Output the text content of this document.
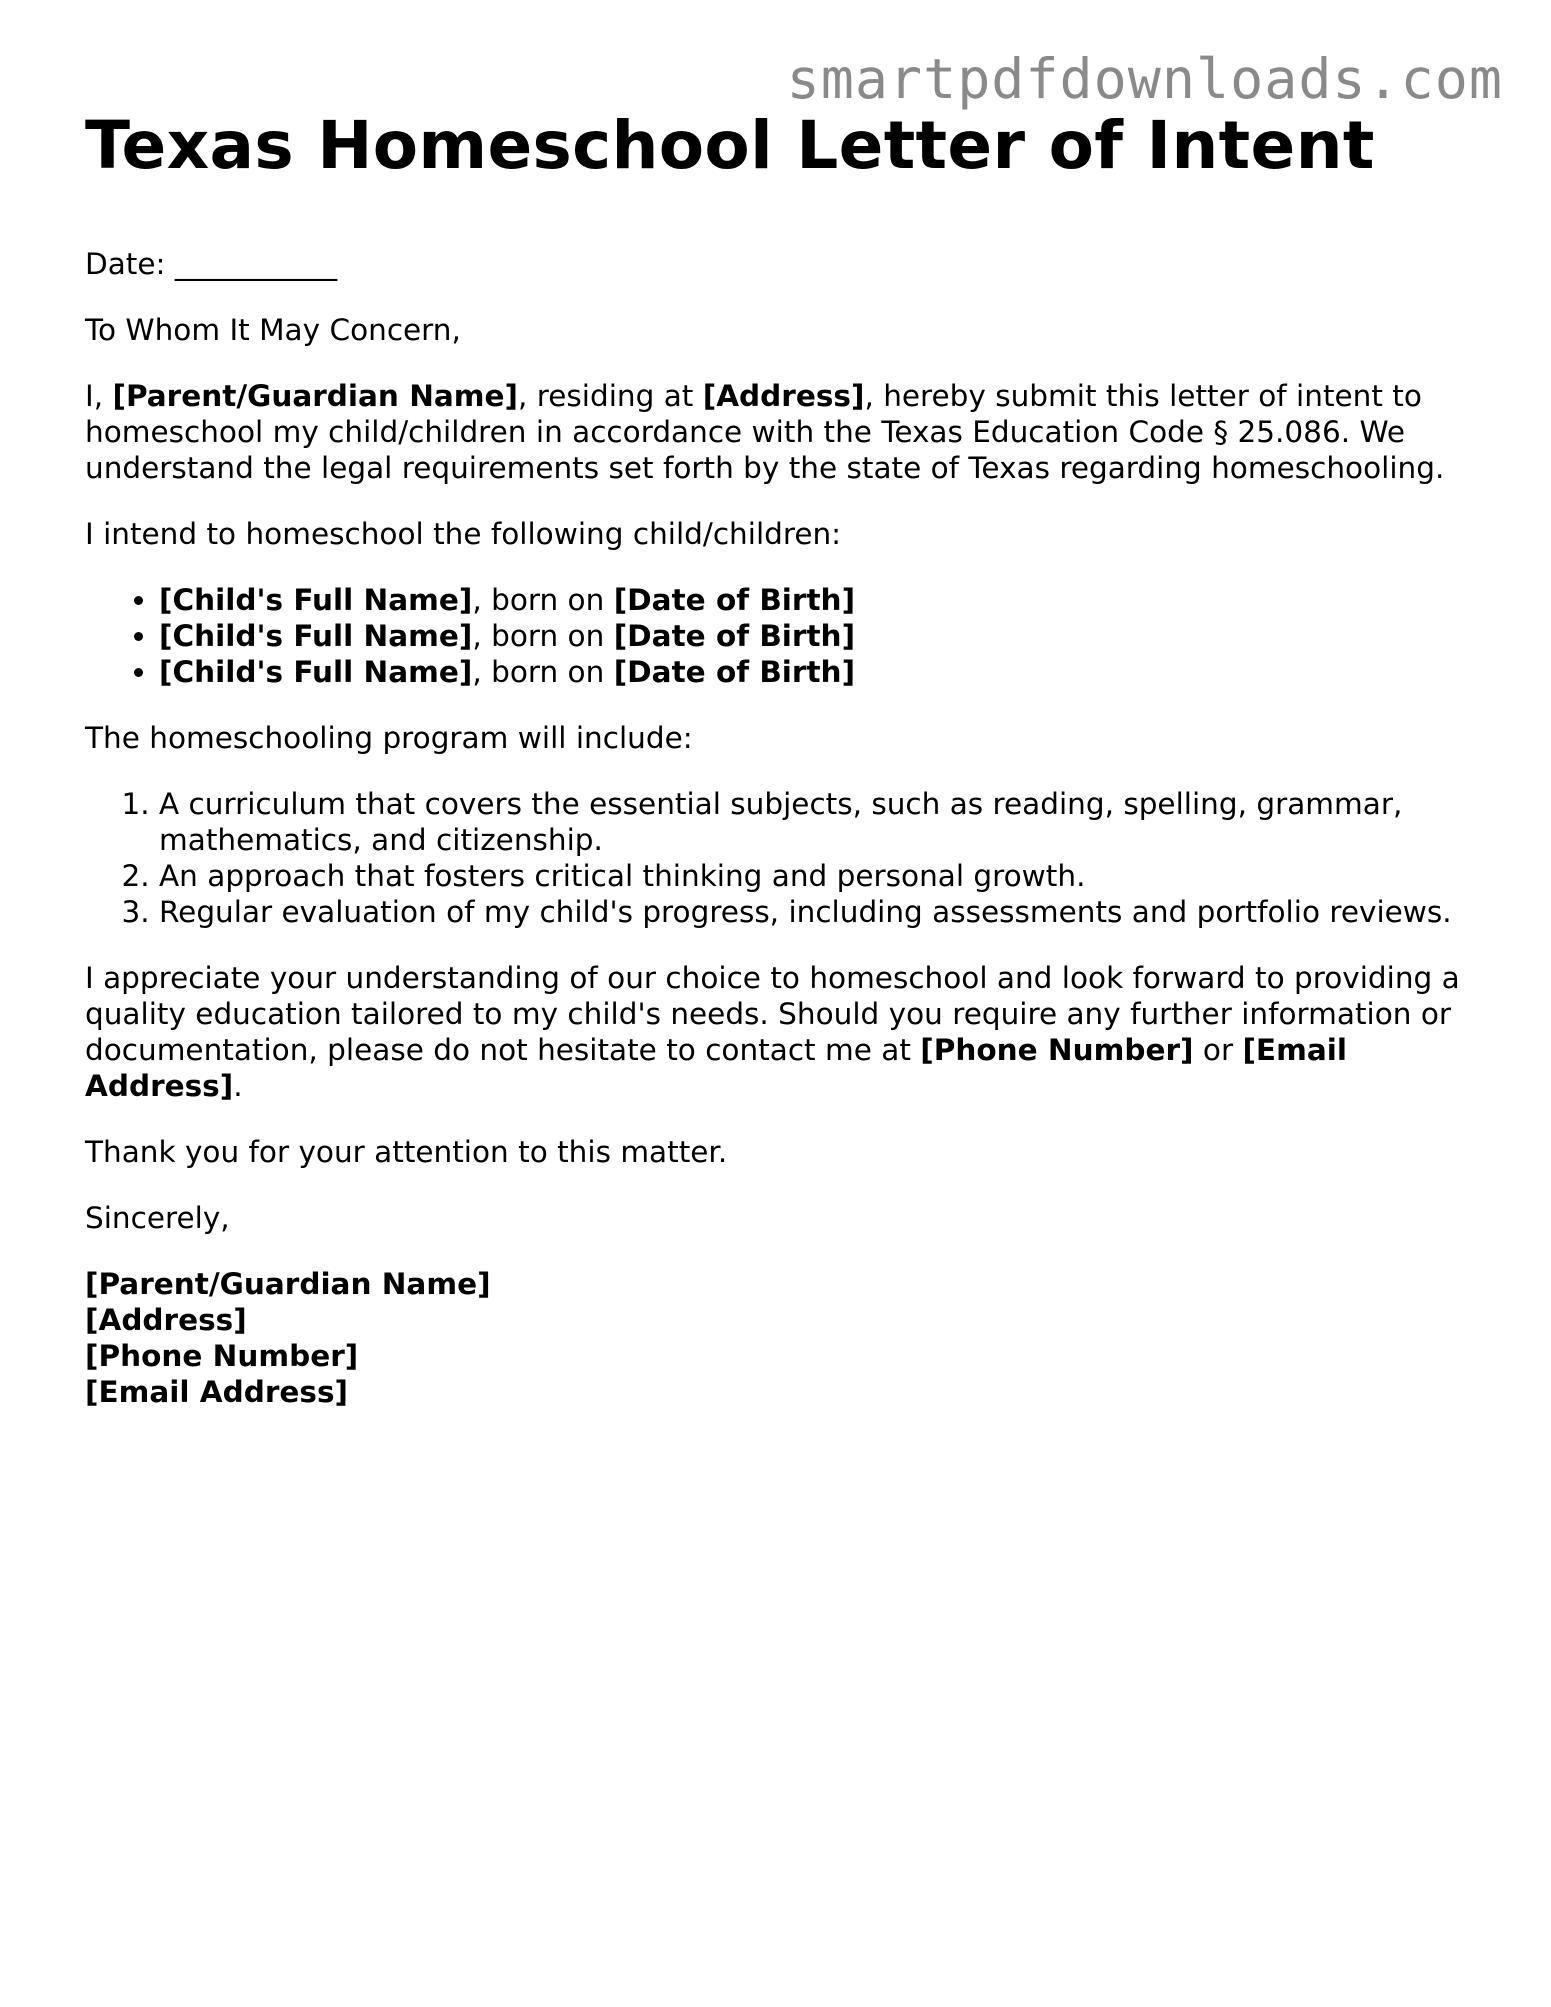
smartpdfdownloads.com
Texas Homeschool Letter of Intent

Date: ___________

To Whom It May Concern,

I, [Parent/Guardian Name], residing at [Address], hereby submit this letter of intent to homeschool my child/children in accordance with the Texas Education Code § 25.086. We understand the legal requirements set forth by the state of Texas regarding homeschooling.

I intend to homeschool the following child/children:

• [Child's Full Name], born on [Date of Birth]
• [Child's Full Name], born on [Date of Birth]
• [Child's Full Name], born on [Date of Birth]

The homeschooling program will include:

1. A curriculum that covers the essential subjects, such as reading, spelling, grammar, mathematics, and citizenship.
2. An approach that fosters critical thinking and personal growth.
3. Regular evaluation of my child's progress, including assessments and portfolio reviews.

I appreciate your understanding of our choice to homeschool and look forward to providing a quality education tailored to my child's needs. Should you require any further information or documentation, please do not hesitate to contact me at [Phone Number] or [Email Address].

Thank you for your attention to this matter.

Sincerely,

[Parent/Guardian Name]
[Address]
[Phone Number]
[Email Address]
